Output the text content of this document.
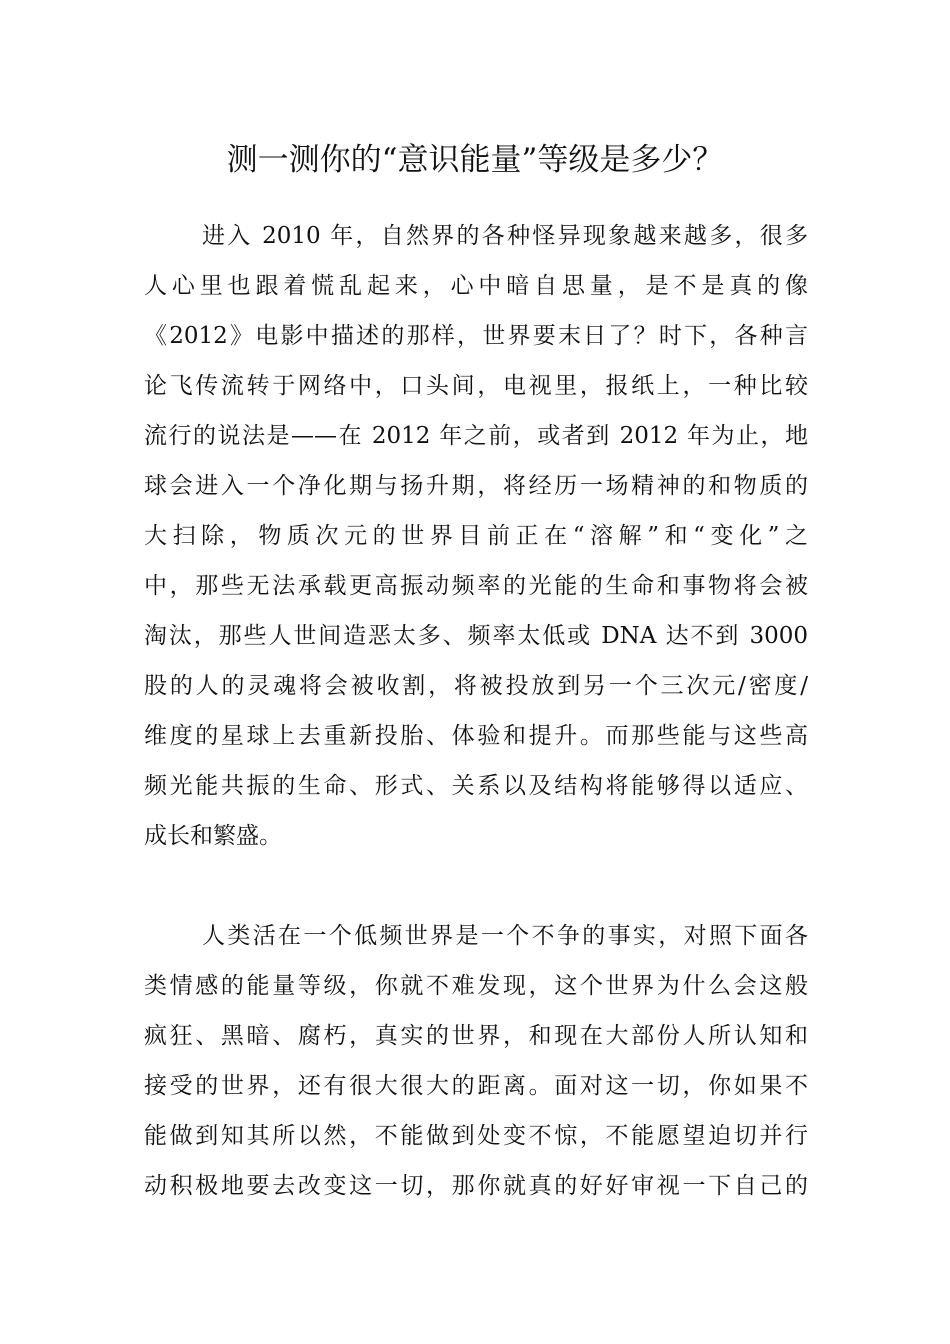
测一测你的“意识能量”等级是多少？
进入 2010 年，自然界的各种怪异现象越来越多，很多
人心里也跟着慌乱起来，心中暗自思量，是不是真的像
《2012》电影中描述的那样，世界要末日了？时下，各种言
论飞传流转于网络中，口头间，电视里，报纸上，一种比较
流行的说法是——在 2012 年之前，或者到 2012 年为止，地
球会进入一个净化期与扬升期，将经历一场精神的和物质的
大扫除，物质次元的世界目前正在“溶解”和“变化”之
中，那些无法承载更高振动频率的光能的生命和事物将会被
淘汰，那些人世间造恶太多、频率太低或 DNA 达不到 3000
股的人的灵魂将会被收割，将被投放到另一个三次元/密度/
维度的星球上去重新投胎、体验和提升。而那些能与这些高
频光能共振的生命、形式、关系以及结构将能够得以适应、
成长和繁盛。
人类活在一个低频世界是一个不争的事实，对照下面各
类情感的能量等级，你就不难发现，这个世界为什么会这般
疯狂、黑暗、腐朽，真实的世界，和现在大部份人所认知和
接受的世界，还有很大很大的距离。面对这一切，你如果不
能做到知其所以然，不能做到处变不惊，不能愿望迫切并行
动积极地要去改变这一切，那你就真的好好审视一下自己的
